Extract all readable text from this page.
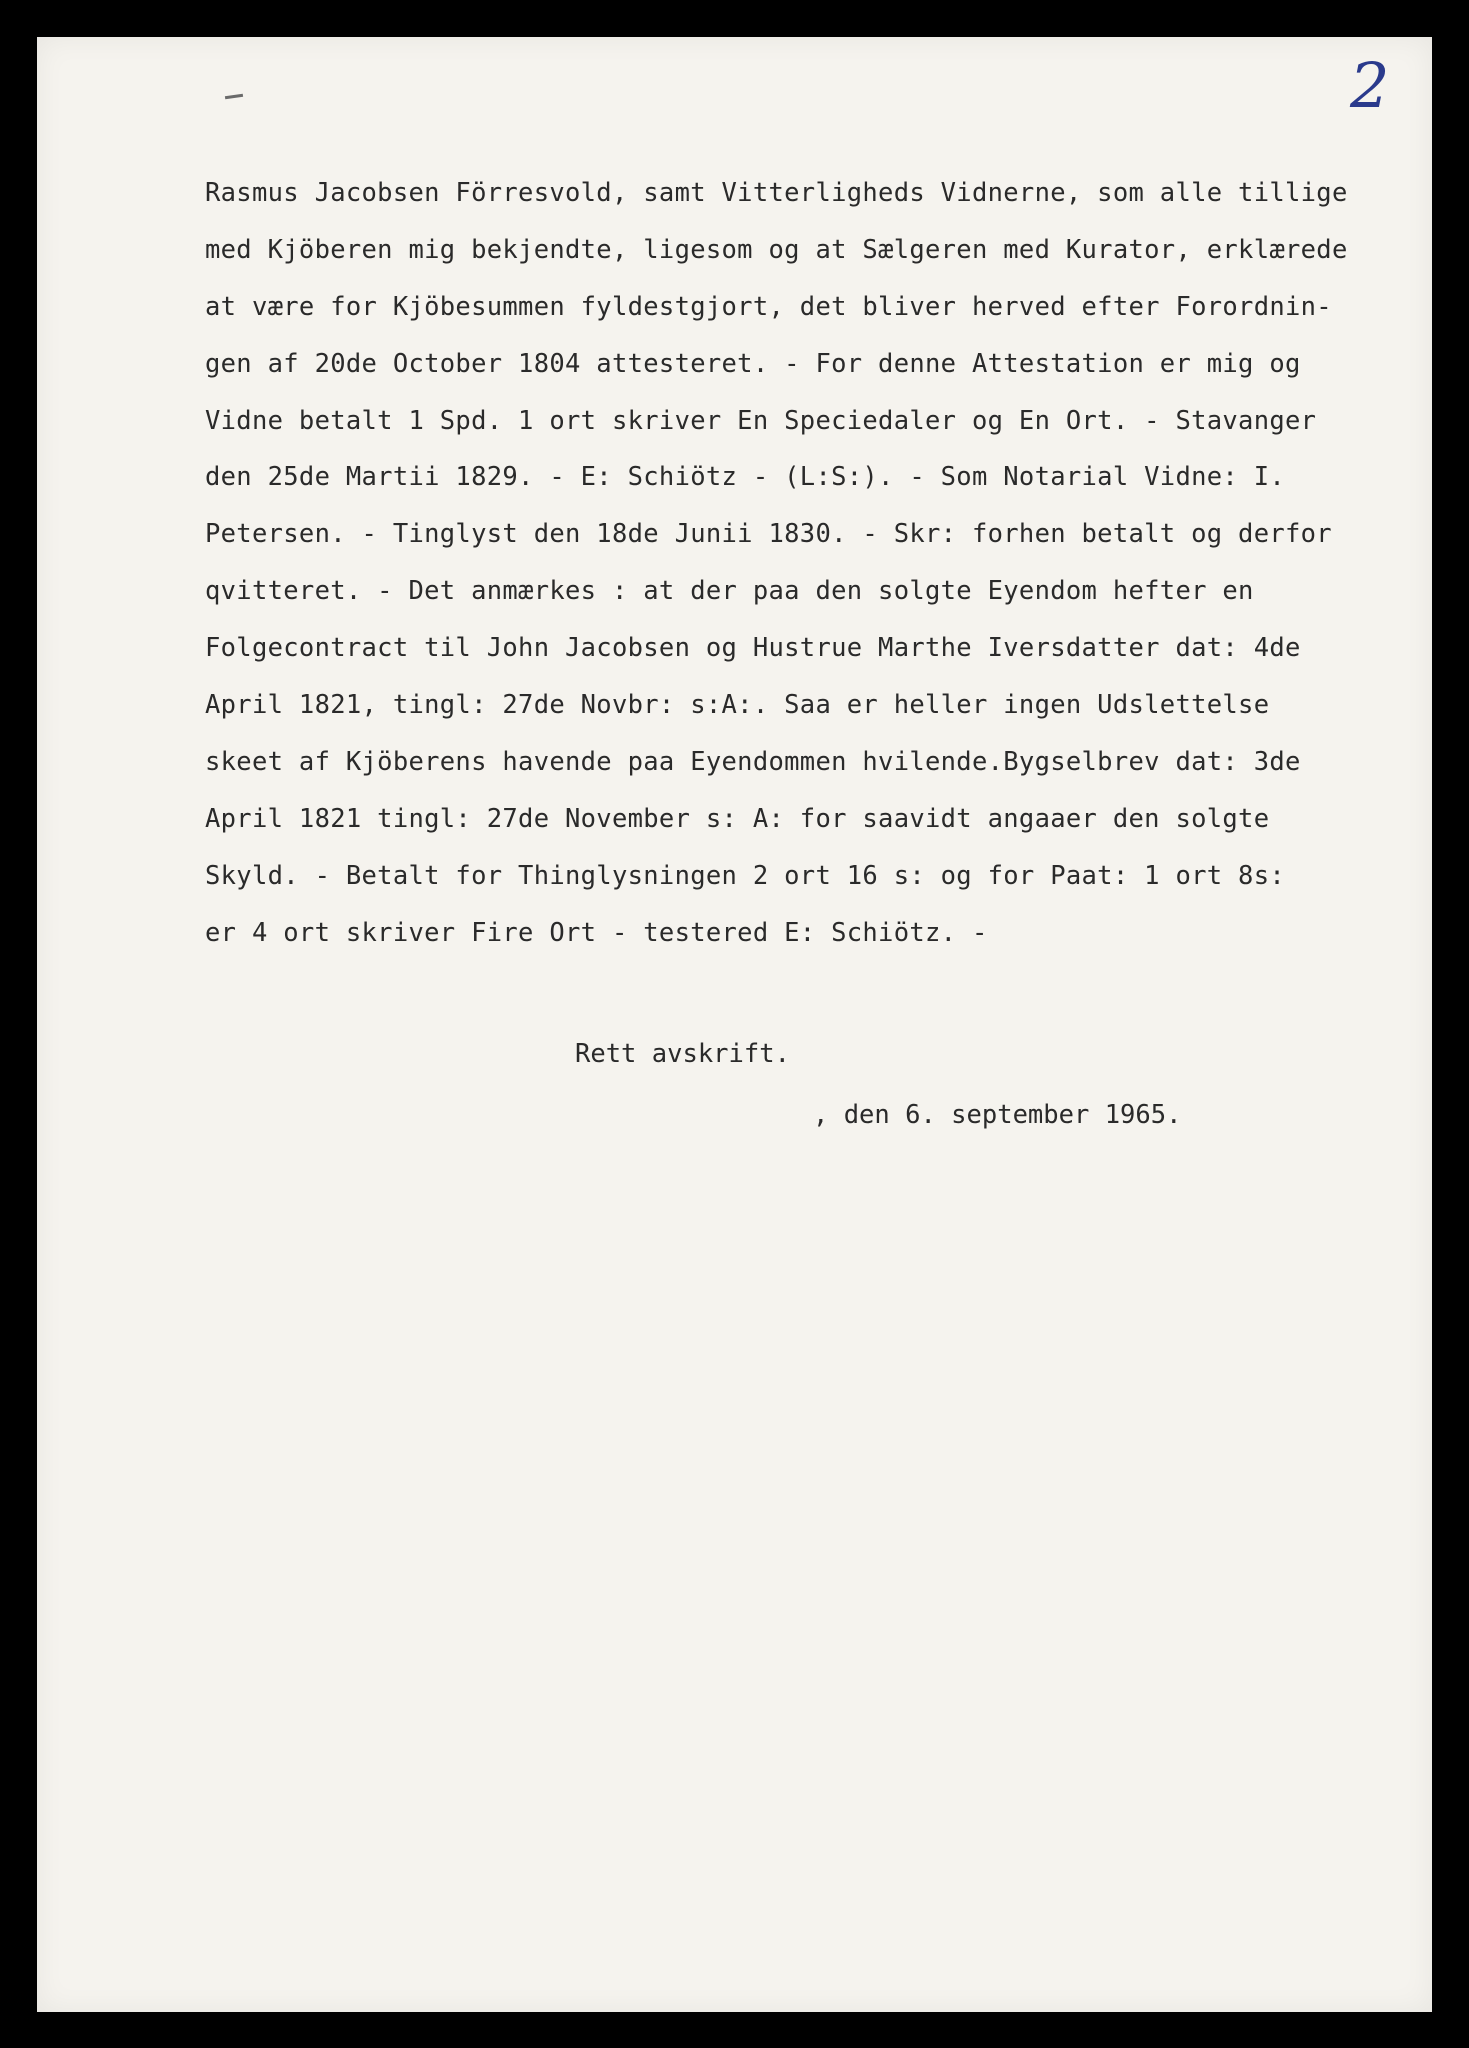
2
Rasmus Jacobsen Förresvold, samt Vitterligheds Vidnerne, som alle tillige
med Kjöberen mig bekjendte, ligesom og at Sælgeren med Kurator, erklærede
at være for Kjöbesummen fyldestgjort, det bliver herved efter Forordnin-
gen af 20de October 1804 attesteret. - For denne Attestation er mig og
Vidne betalt 1 Spd. 1 ort skriver En Speciedaler og En Ort. - Stavanger
den 25de Martii 1829. - E: Schiötz - (L:S:). - Som Notarial Vidne: I.
Petersen. - Tinglyst den 18de Junii 1830. - Skr: forhen betalt og derfor
qvitteret. - Det anmærkes : at der paa den solgte Eyendom hefter en
Folgecontract til John Jacobsen og Hustrue Marthe Iversdatter dat: 4de
April 1821, tingl: 27de Novbr: s:A:. Saa er heller ingen Udslettelse
skeet af Kjöberens havende paa Eyendommen hvilende.Bygselbrev dat: 3de
April 1821 tingl: 27de November s: A: for saavidt angaaer den solgte
Skyld. - Betalt for Thinglysningen 2 ort 16 s: og for Paat: 1 ort 8s:
er 4 ort skriver Fire Ort - testered E: Schiötz. -
Rett avskrift.
, den 6. september 1965.
